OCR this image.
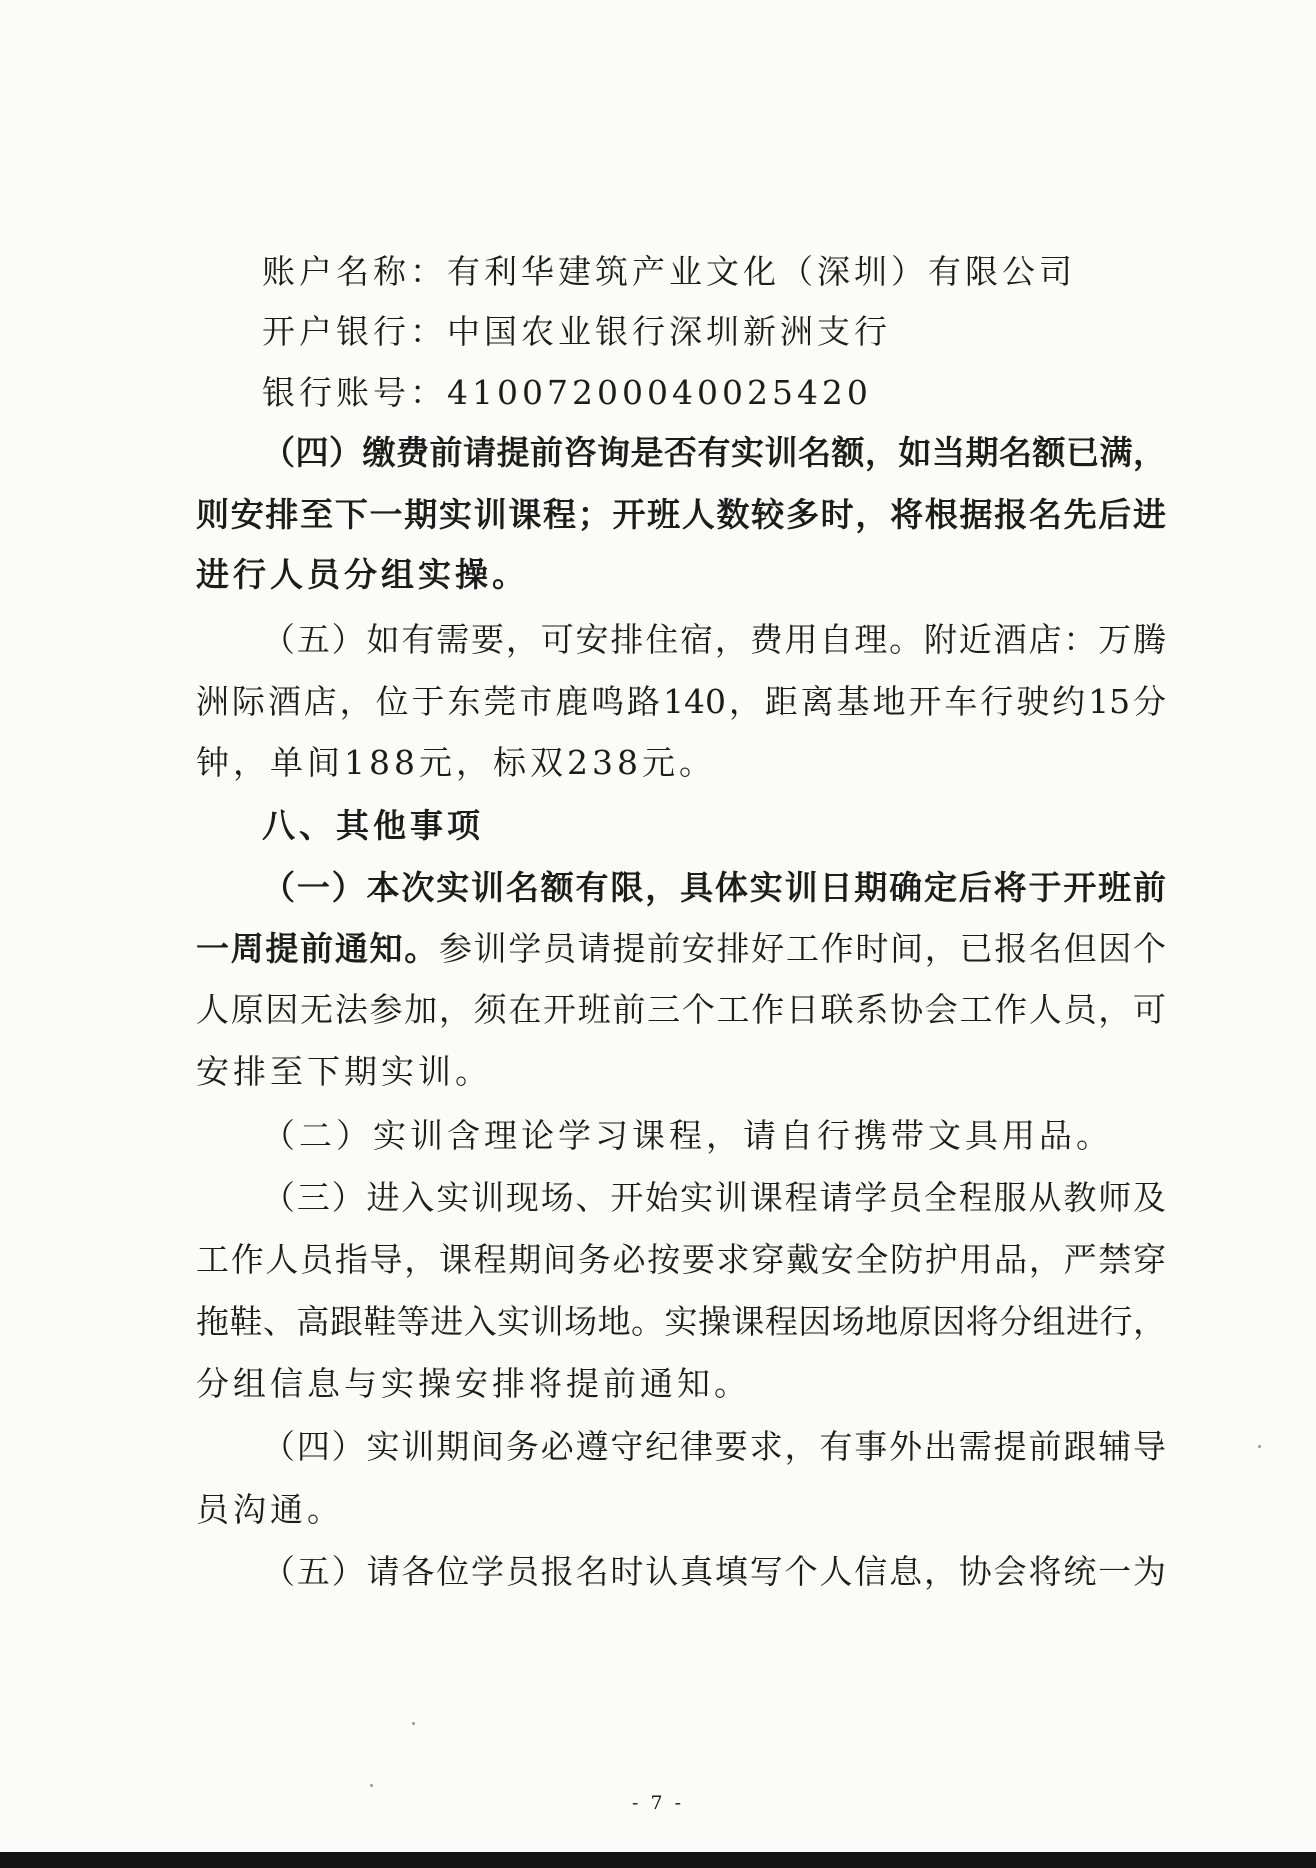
账户名称：有利华建筑产业文化（深圳）有限公司
开户银行：中国农业银行深圳新洲支行
银行账号：41007200040025420
（四）缴费前请提前咨询是否有实训名额，如当期名额已满，
则安排至下一期实训课程；开班人数较多时，将根据报名先后进
进行人员分组实操。
（五）如有需要，可安排住宿，费用自理。附近酒店：万腾
洲际酒店，位于东莞市鹿鸣路140，距离基地开车行驶约15分
钟，单间188元，标双238元。
八、其他事项
（一）本次实训名额有限，具体实训日期确定后将于开班前
一周提前通知。参训学员请提前安排好工作时间，已报名但因个
人原因无法参加，须在开班前三个工作日联系协会工作人员，可
安排至下期实训。
（二）实训含理论学习课程，请自行携带文具用品。
（三）进入实训现场、开始实训课程请学员全程服从教师及
工作人员指导，课程期间务必按要求穿戴安全防护用品，严禁穿
拖鞋、高跟鞋等进入实训场地。实操课程因场地原因将分组进行，
分组信息与实操安排将提前通知。
（四）实训期间务必遵守纪律要求，有事外出需提前跟辅导
员沟通。
（五）请各位学员报名时认真填写个人信息，协会将统一为
- 7 -
